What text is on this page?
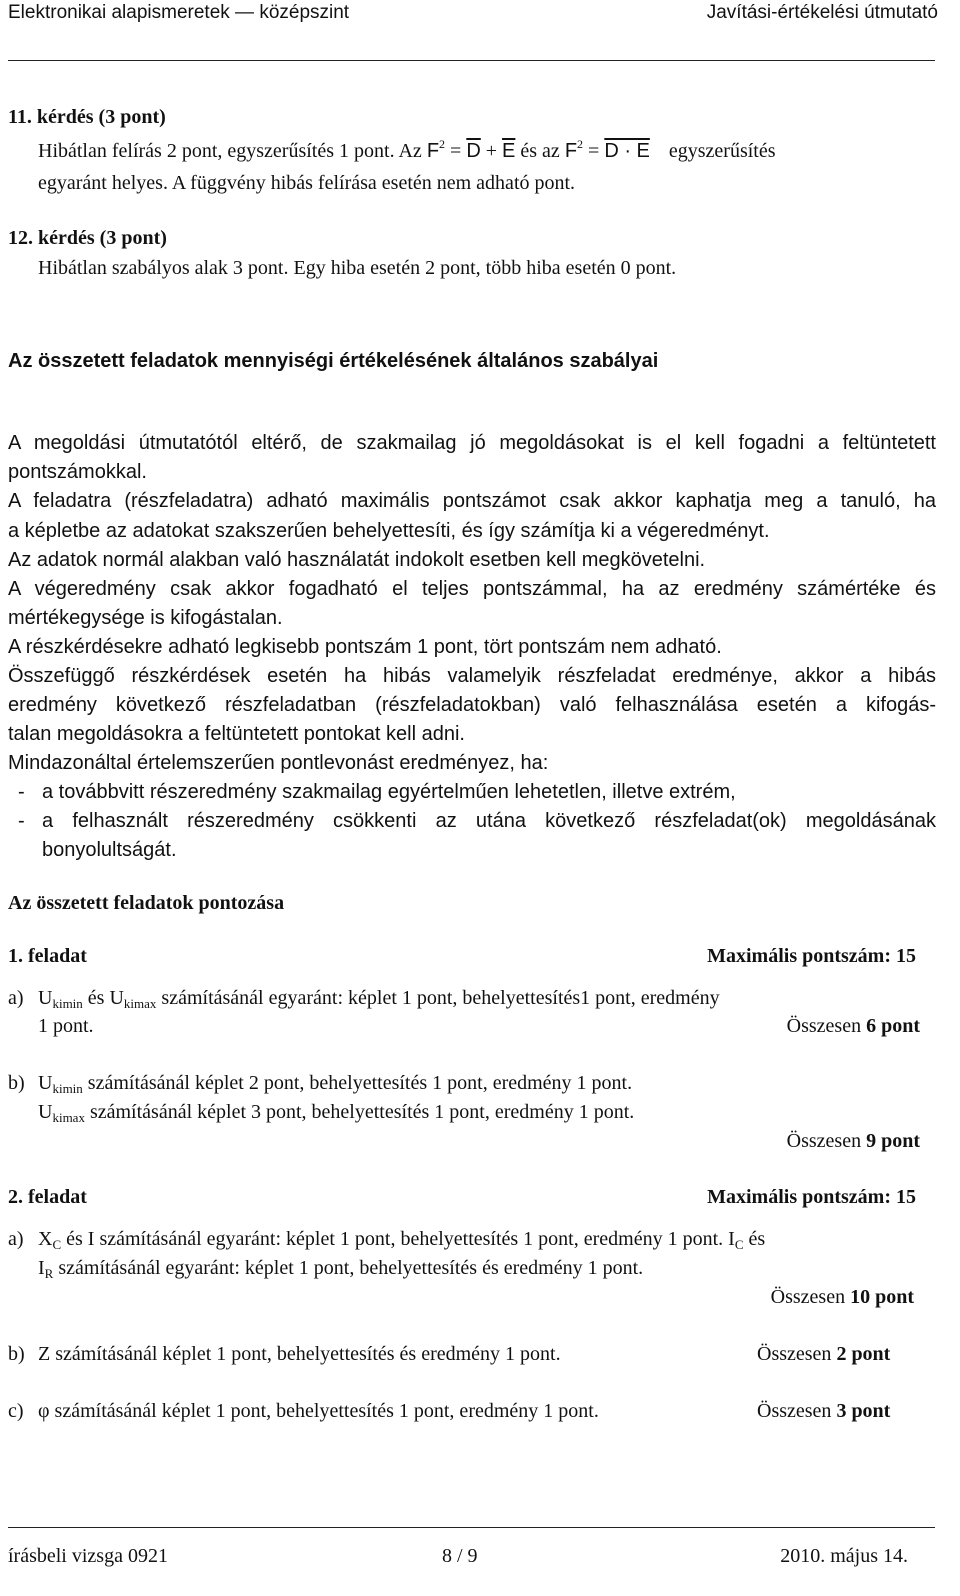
Elektronikai alapismeretek — középszint	Javítási-értékelési útmutató
11. kérdés (3 pont)
Hibátlan felírás 2 pont, egyszerűsítés 1 pont. Az $F^2 = \overline{D} + \overline{E}$ és az $F^2 = D \cdot E$ egyszerűsítés
egyaránt helyes. A függvény hibás felírása esetén nem adható pont.
12. kérdés (3 pont)
Hibátlan szabályos alak 3 pont. Egy hiba esetén 2 pont, több hiba esetén 0 pont.
Az összetett feladatok mennyiségi értékelésének általános szabályai
A megoldási útmutatótól eltérő, de szakmailag jó megoldásokat is el kell fogadni a feltüntetett
pontszámokkal.
A feladatra (részfeladatra) adható maximális pontszámot csak akkor kaphatja meg a tanuló, ha
a képletbe az adatokat szakszerűen behelyettesíti, és így számítja ki a végeredményt.
Az adatok normál alakban való használatát indokolt esetben kell megkövetelni.
A végeredmény csak akkor fogadható el teljes pontszámmal, ha az eredmény számértéke és
mértékegysége is kifogástalan.
A részkérdésekre adható legkisebb pontszám 1 pont, tört pontszám nem adható.
Összefüggő részkérdések esetén ha hibás valamelyik részfeladat eredménye, akkor a hibás
eredmény következő részfeladatban (részfeladatokban) való felhasználása esetén a kifogás-
talan megoldásokra a feltüntetett pontokat kell adni.
Mindazonáltal értelemszerűen pontlevonást eredményez, ha:
- a továbbvitt részeredmény szakmailag egyértelműen lehetetlen, illetve extrém,
- a felhasznált részeredmény csökkenti az utána következő részfeladat(ok) megoldásának
bonyolultságát.
Az összetett feladatok pontozása
1. feladat	Maximális pontszám: 15
a) $U_{kimin}$ és $U_{kimax}$ számításánál egyaránt: képlet 1 pont, behelyettesítés1 pont, eredmény
1 pont.	Összesen 6 pont
b) $U_{kimin}$ számításánál képlet 2 pont, behelyettesítés 1 pont, eredmény 1 pont.
$U_{kimax}$ számításánál képlet 3 pont, behelyettesítés 1 pont, eredmény 1 pont.
Összesen 9 pont
2. feladat	Maximális pontszám: 15
a) $X_C$ és I számításánál egyaránt: képlet 1 pont, behelyettesítés 1 pont, eredmény 1 pont. $I_C$ és
$I_R$ számításánál egyaránt: képlet 1 pont, behelyettesítés és eredmény 1 pont.
Összesen 10 pont
b) Z számításánál képlet 1 pont, behelyettesítés és eredmény 1 pont.	Összesen 2 pont
c) φ számításánál képlet 1 pont, behelyettesítés 1 pont, eredmény 1 pont.	Összesen 3 pont
írásbeli vizsga 0921	8 / 9	2010. május 14.
